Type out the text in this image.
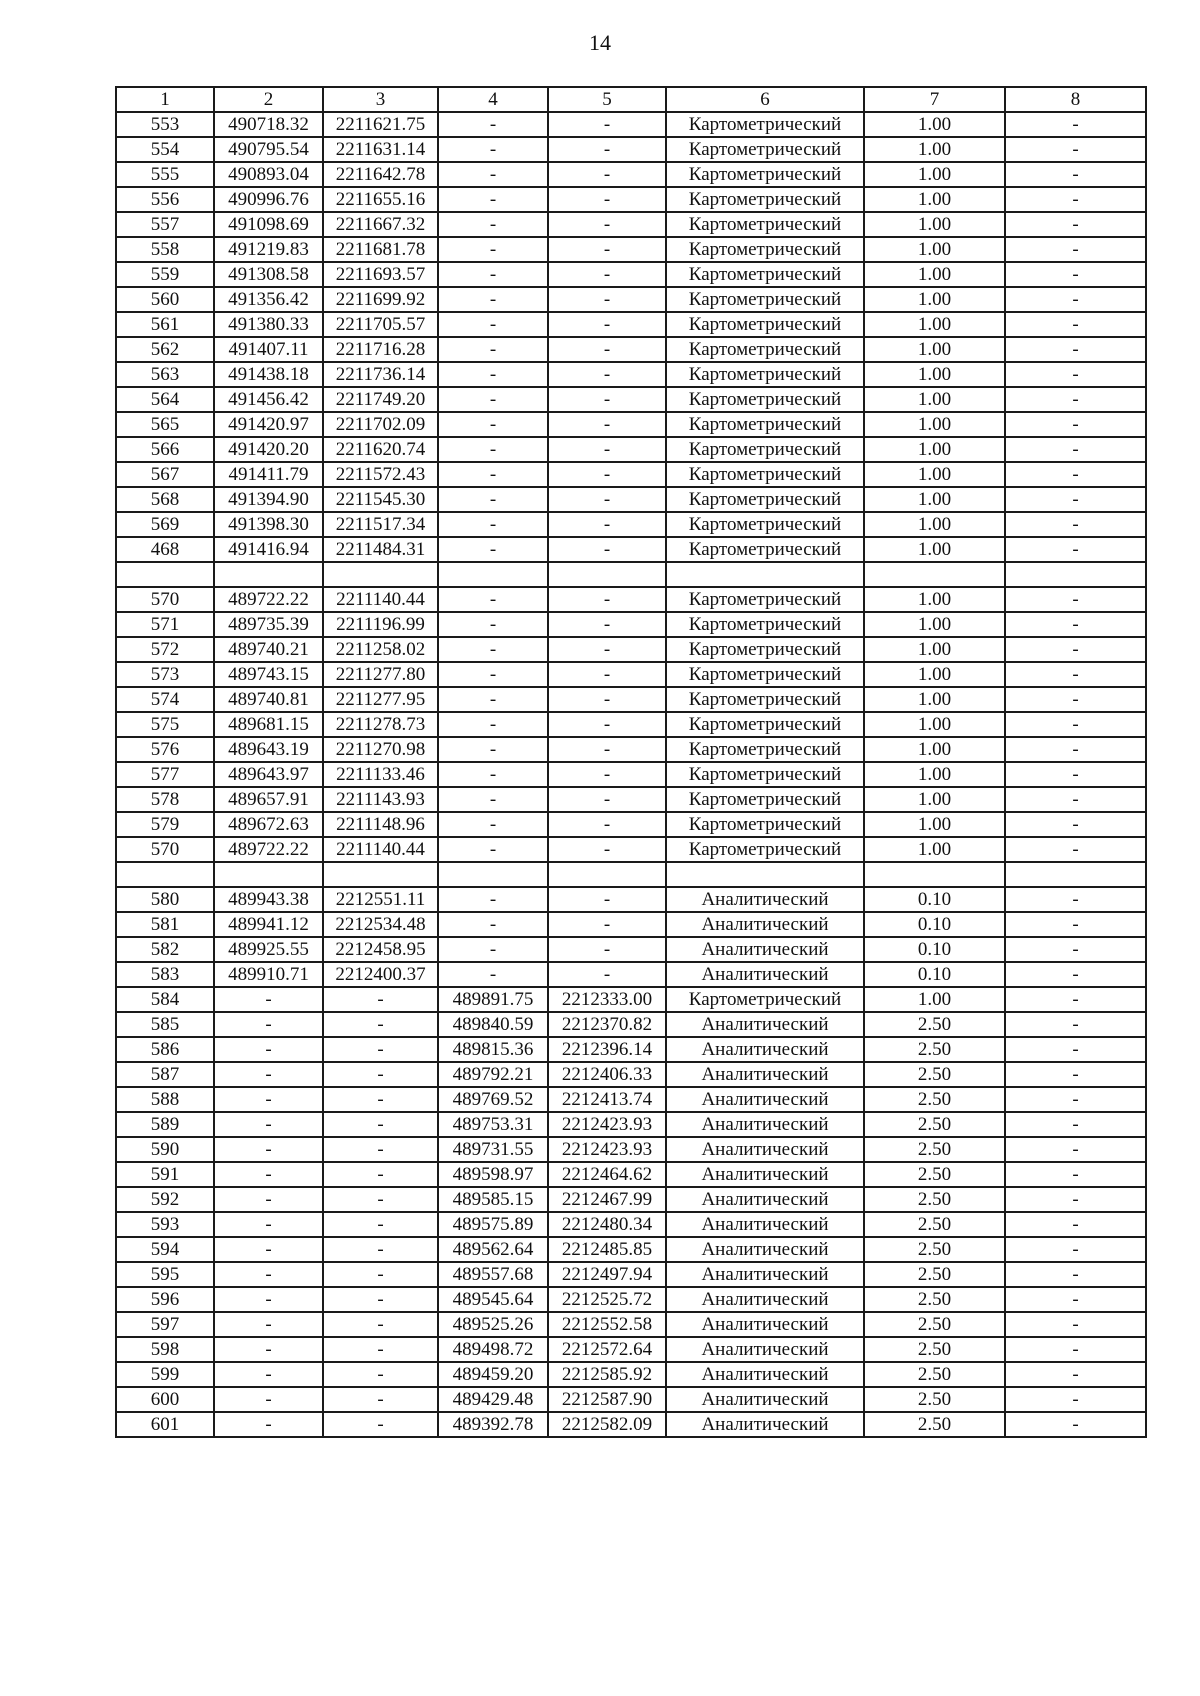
14
1	2	3	4	5	6	7	8
553	490718.32	2211621.75	-	-	Картометрический	1.00	-
554	490795.54	2211631.14	-	-	Картометрический	1.00	-
555	490893.04	2211642.78	-	-	Картометрический	1.00	-
556	490996.76	2211655.16	-	-	Картометрический	1.00	-
557	491098.69	2211667.32	-	-	Картометрический	1.00	-
558	491219.83	2211681.78	-	-	Картометрический	1.00	-
559	491308.58	2211693.57	-	-	Картометрический	1.00	-
560	491356.42	2211699.92	-	-	Картометрический	1.00	-
561	491380.33	2211705.57	-	-	Картометрический	1.00	-
562	491407.11	2211716.28	-	-	Картометрический	1.00	-
563	491438.18	2211736.14	-	-	Картометрический	1.00	-
564	491456.42	2211749.20	-	-	Картометрический	1.00	-
565	491420.97	2211702.09	-	-	Картометрический	1.00	-
566	491420.20	2211620.74	-	-	Картометрический	1.00	-
567	491411.79	2211572.43	-	-	Картометрический	1.00	-
568	491394.90	2211545.30	-	-	Картометрический	1.00	-
569	491398.30	2211517.34	-	-	Картометрический	1.00	-
468	491416.94	2211484.31	-	-	Картометрический	1.00	-

570	489722.22	2211140.44	-	-	Картометрический	1.00	-
571	489735.39	2211196.99	-	-	Картометрический	1.00	-
572	489740.21	2211258.02	-	-	Картометрический	1.00	-
573	489743.15	2211277.80	-	-	Картометрический	1.00	-
574	489740.81	2211277.95	-	-	Картометрический	1.00	-
575	489681.15	2211278.73	-	-	Картометрический	1.00	-
576	489643.19	2211270.98	-	-	Картометрический	1.00	-
577	489643.97	2211133.46	-	-	Картометрический	1.00	-
578	489657.91	2211143.93	-	-	Картометрический	1.00	-
579	489672.63	2211148.96	-	-	Картометрический	1.00	-
570	489722.22	2211140.44	-	-	Картометрический	1.00	-

580	489943.38	2212551.11	-	-	Аналитический	0.10	-
581	489941.12	2212534.48	-	-	Аналитический	0.10	-
582	489925.55	2212458.95	-	-	Аналитический	0.10	-
583	489910.71	2212400.37	-	-	Аналитический	0.10	-
584	-	-	489891.75	2212333.00	Картометрический	1.00	-
585	-	-	489840.59	2212370.82	Аналитический	2.50	-
586	-	-	489815.36	2212396.14	Аналитический	2.50	-
587	-	-	489792.21	2212406.33	Аналитический	2.50	-
588	-	-	489769.52	2212413.74	Аналитический	2.50	-
589	-	-	489753.31	2212423.93	Аналитический	2.50	-
590	-	-	489731.55	2212423.93	Аналитический	2.50	-
591	-	-	489598.97	2212464.62	Аналитический	2.50	-
592	-	-	489585.15	2212467.99	Аналитический	2.50	-
593	-	-	489575.89	2212480.34	Аналитический	2.50	-
594	-	-	489562.64	2212485.85	Аналитический	2.50	-
595	-	-	489557.68	2212497.94	Аналитический	2.50	-
596	-	-	489545.64	2212525.72	Аналитический	2.50	-
597	-	-	489525.26	2212552.58	Аналитический	2.50	-
598	-	-	489498.72	2212572.64	Аналитический	2.50	-
599	-	-	489459.20	2212585.92	Аналитический	2.50	-
600	-	-	489429.48	2212587.90	Аналитический	2.50	-
601	-	-	489392.78	2212582.09	Аналитический	2.50	-
